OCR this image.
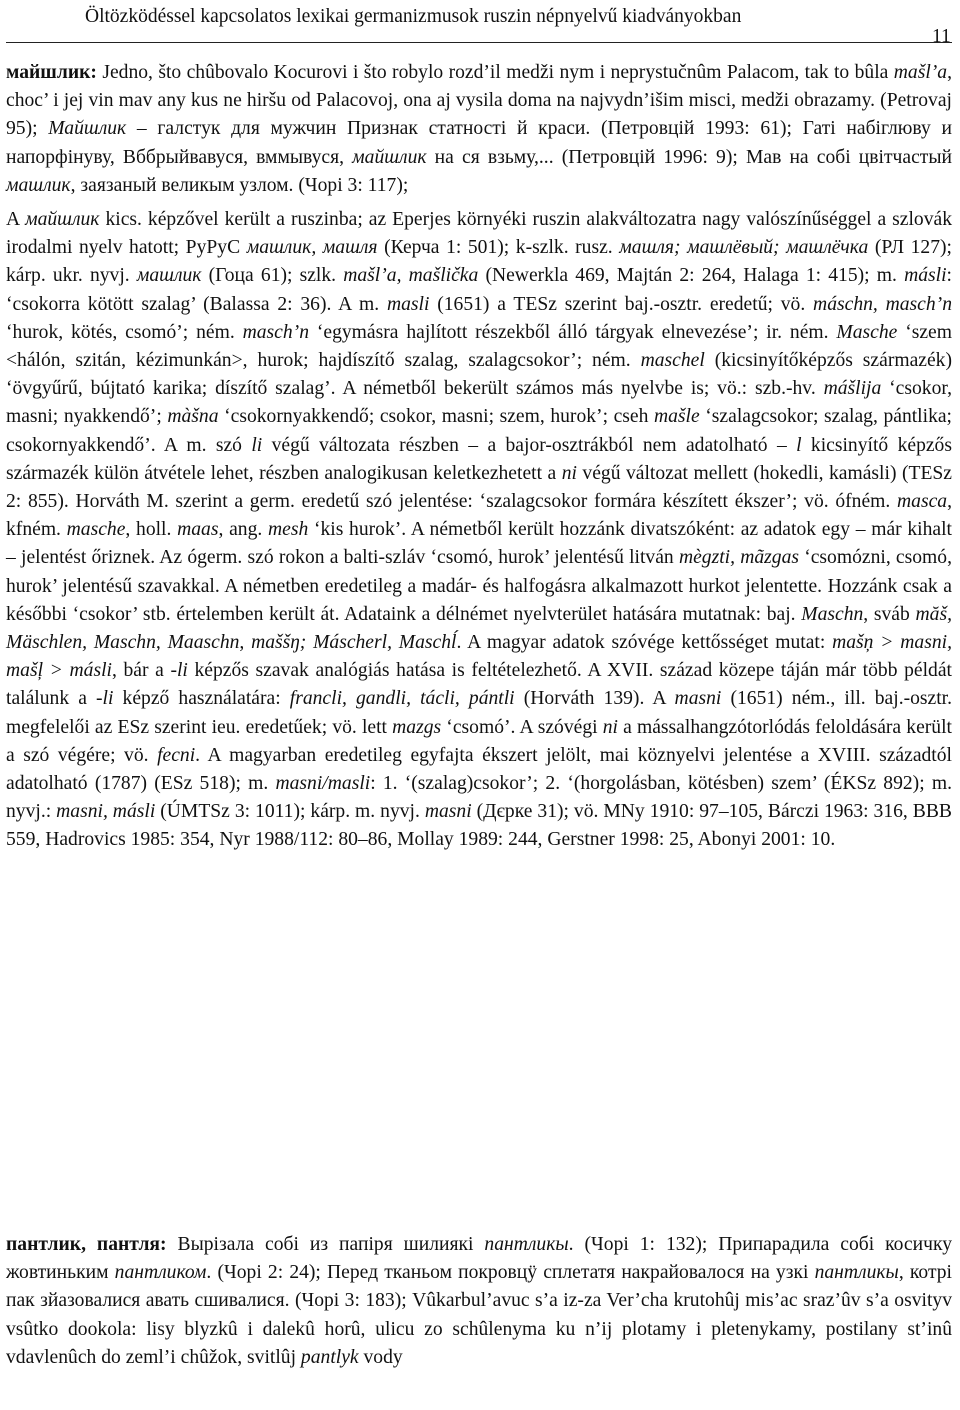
Öltözködéssel kapcsolatos lexikai germanizmusok ruszin népnyelvű kiadványokban
11

майшлик: Jedno, što chûbovalo Kocurovi i što robylo rozd’il medži nym i neprystučnûm Palacom, tak to bûla mašl’a, choc’ i jej vin mav any kus ne hiršu od Palacovoj, ona aj vysila doma na najvydn’išim misci, medži obrazamy. (Petrovaj 95); Майшлик – галстук для мужчин Признак статності й краси. (Петровцій 1993: 61); Гаті набіглюву и напорфінуву, Вббрыйвавуся, вммывуся, майшлик на ся взьму,... (Петровцій 1996: 9); Мав на собі цвітчастый машлик, заязаный великым узлом. (Чорі 3: 117);

A майшлик kics. képzővel került a ruszinba; az Eperjes környéki ruszin alakváltozatra nagy valószínűséggel a szlovák irodalmi nyelv hatott; РуРуС машлик, машля (Керча 1: 501); k-szlk. rusz. машля; машлёвый; машлёчка (РЛ 127); kárp. ukr. nyvj. машлик (Гоца 61); szlk. mašl’a, mašlička (Newerkla 469, Majtán 2: 264, Halaga 1: 415); m. másli: ‘csokorra kötött szalag’ (Balassa 2: 36). A m. masli (1651) a TESz szerint baj.-osztr. eredetű; vö. máschn, masch’n ‘hurok, kötés, csomó’; ném. masch’n ‘egymásra hajlított részekből álló tárgyak elnevezése’; ir. ném. Masche ‘szem <hálón, szitán, kézimunkán>, hurok; hajdíszítő szalag, szalagcsokor’; ném. maschel (kicsinyítőképzős származék) ‘övgyűrű, bújtató karika; díszítő szalag’. A németből bekerült számos más nyelvbe is; vö.: szb.-hv. mášlija ‘csokor, masni; nyakkendő’; màšna ‘csokornyakkendő; csokor, masni; szem, hurok’; cseh mašle ‘szalagcsokor; szalag, pántlika; csokornyakkendő’. A m. szó li végű változata részben – a bajor-osztrákból nem adatolható – l kicsinyítő képzős származék külön átvétele lehet, részben analogikusan keletkezhetett a ni végű változat mellett (hokedli, kamásli) (TESz 2: 855). Horváth M. szerint a germ. eredetű szó jelentése: ‘szalagcsokor formára készített ékszer’; vö. ófném. masca, kfném. masche, holl. maas, ang. mesh ‘kis hurok’. A németből került hozzánk divatszóként: az adatok egy – már kihalt – jelentést őriznek. Az ógerm. szó rokon a balti-szláv ‘csomó, hurok’ jelentésű litván mègzti, mãzgas ‘csomózni, csomó, hurok’ jelentésű szavakkal. A németben eredetileg a madár- és halfogásra alkalmazott hurkot jelentette. Hozzánk csak a későbbi ‘csokor’ stb. értelemben került át. Adataink a délnémet nyelvterület hatására mutatnak: baj. Maschn, sváb măš, Mäschlen, Maschn, Maaschn, maššŋ; Máscherl, Maschĺ. A magyar adatok szóvége kettősséget mutat: mašņ > masni, mašļ > másli, bár a -li képzős szavak analógiás hatása is feltételezhető. A XVII. század közepe táján már több példát találunk a -li képző használatára: francli, gandli, tácli, pántli (Horváth 139). A masni (1651) ném., ill. baj.-osztr. megfelelői az ESz szerint ieu. eredetűek; vö. lett mazgs ‘csomó’. A szóvégi ni a mássalhangzótorlódás feloldására került a szó végére; vö. fecni. A magyarban eredetileg egyfajta ékszert jelölt, mai köznyelvi jelentése a XVIII. századtól adatolható (1787) (ESz 518); m. masni/masli: 1. ‘(szalag)csokor’; 2. ‘(horgolásban, kötésben) szem’ (ÉKSz 892); m. nyvj.: masni, másli (ÚMTSz 3: 1011); kárp. m. nyvj. masni (Дєрке 31); vö. MNy 1910: 97–105, Bárczi 1963: 316, BBB 559, Hadrovics 1985: 354, Nyr 1988/112: 80–86, Mollay 1989: 244, Gerstner 1998: 25, Abonyi 2001: 10.

пантлик, пантля: Вырізала собі из папіря шилиякі пантликы. (Чорі 1: 132); Припарадила собі косичку жовтиньким пантликом. (Чорі 2: 24); Перед тканьом покровцÿ сплетатя накрайовалося на узкі пантликы, котрі пак зйазовалися авать сшивалися. (Чорі 3: 183); Vûkarbul’avuc s’a iz-za Ver’cha krutohûj mis’ac sraz’ûv s’a osvityv vsûtko dookola: lisy blyzkû i dalekû horû, ulicu zo schûlenyma ku n’ij plotamy i pletenykamy, postilany st’inû vdavlenûch do zeml’i chûžok, svitlûj pantlyk vody
